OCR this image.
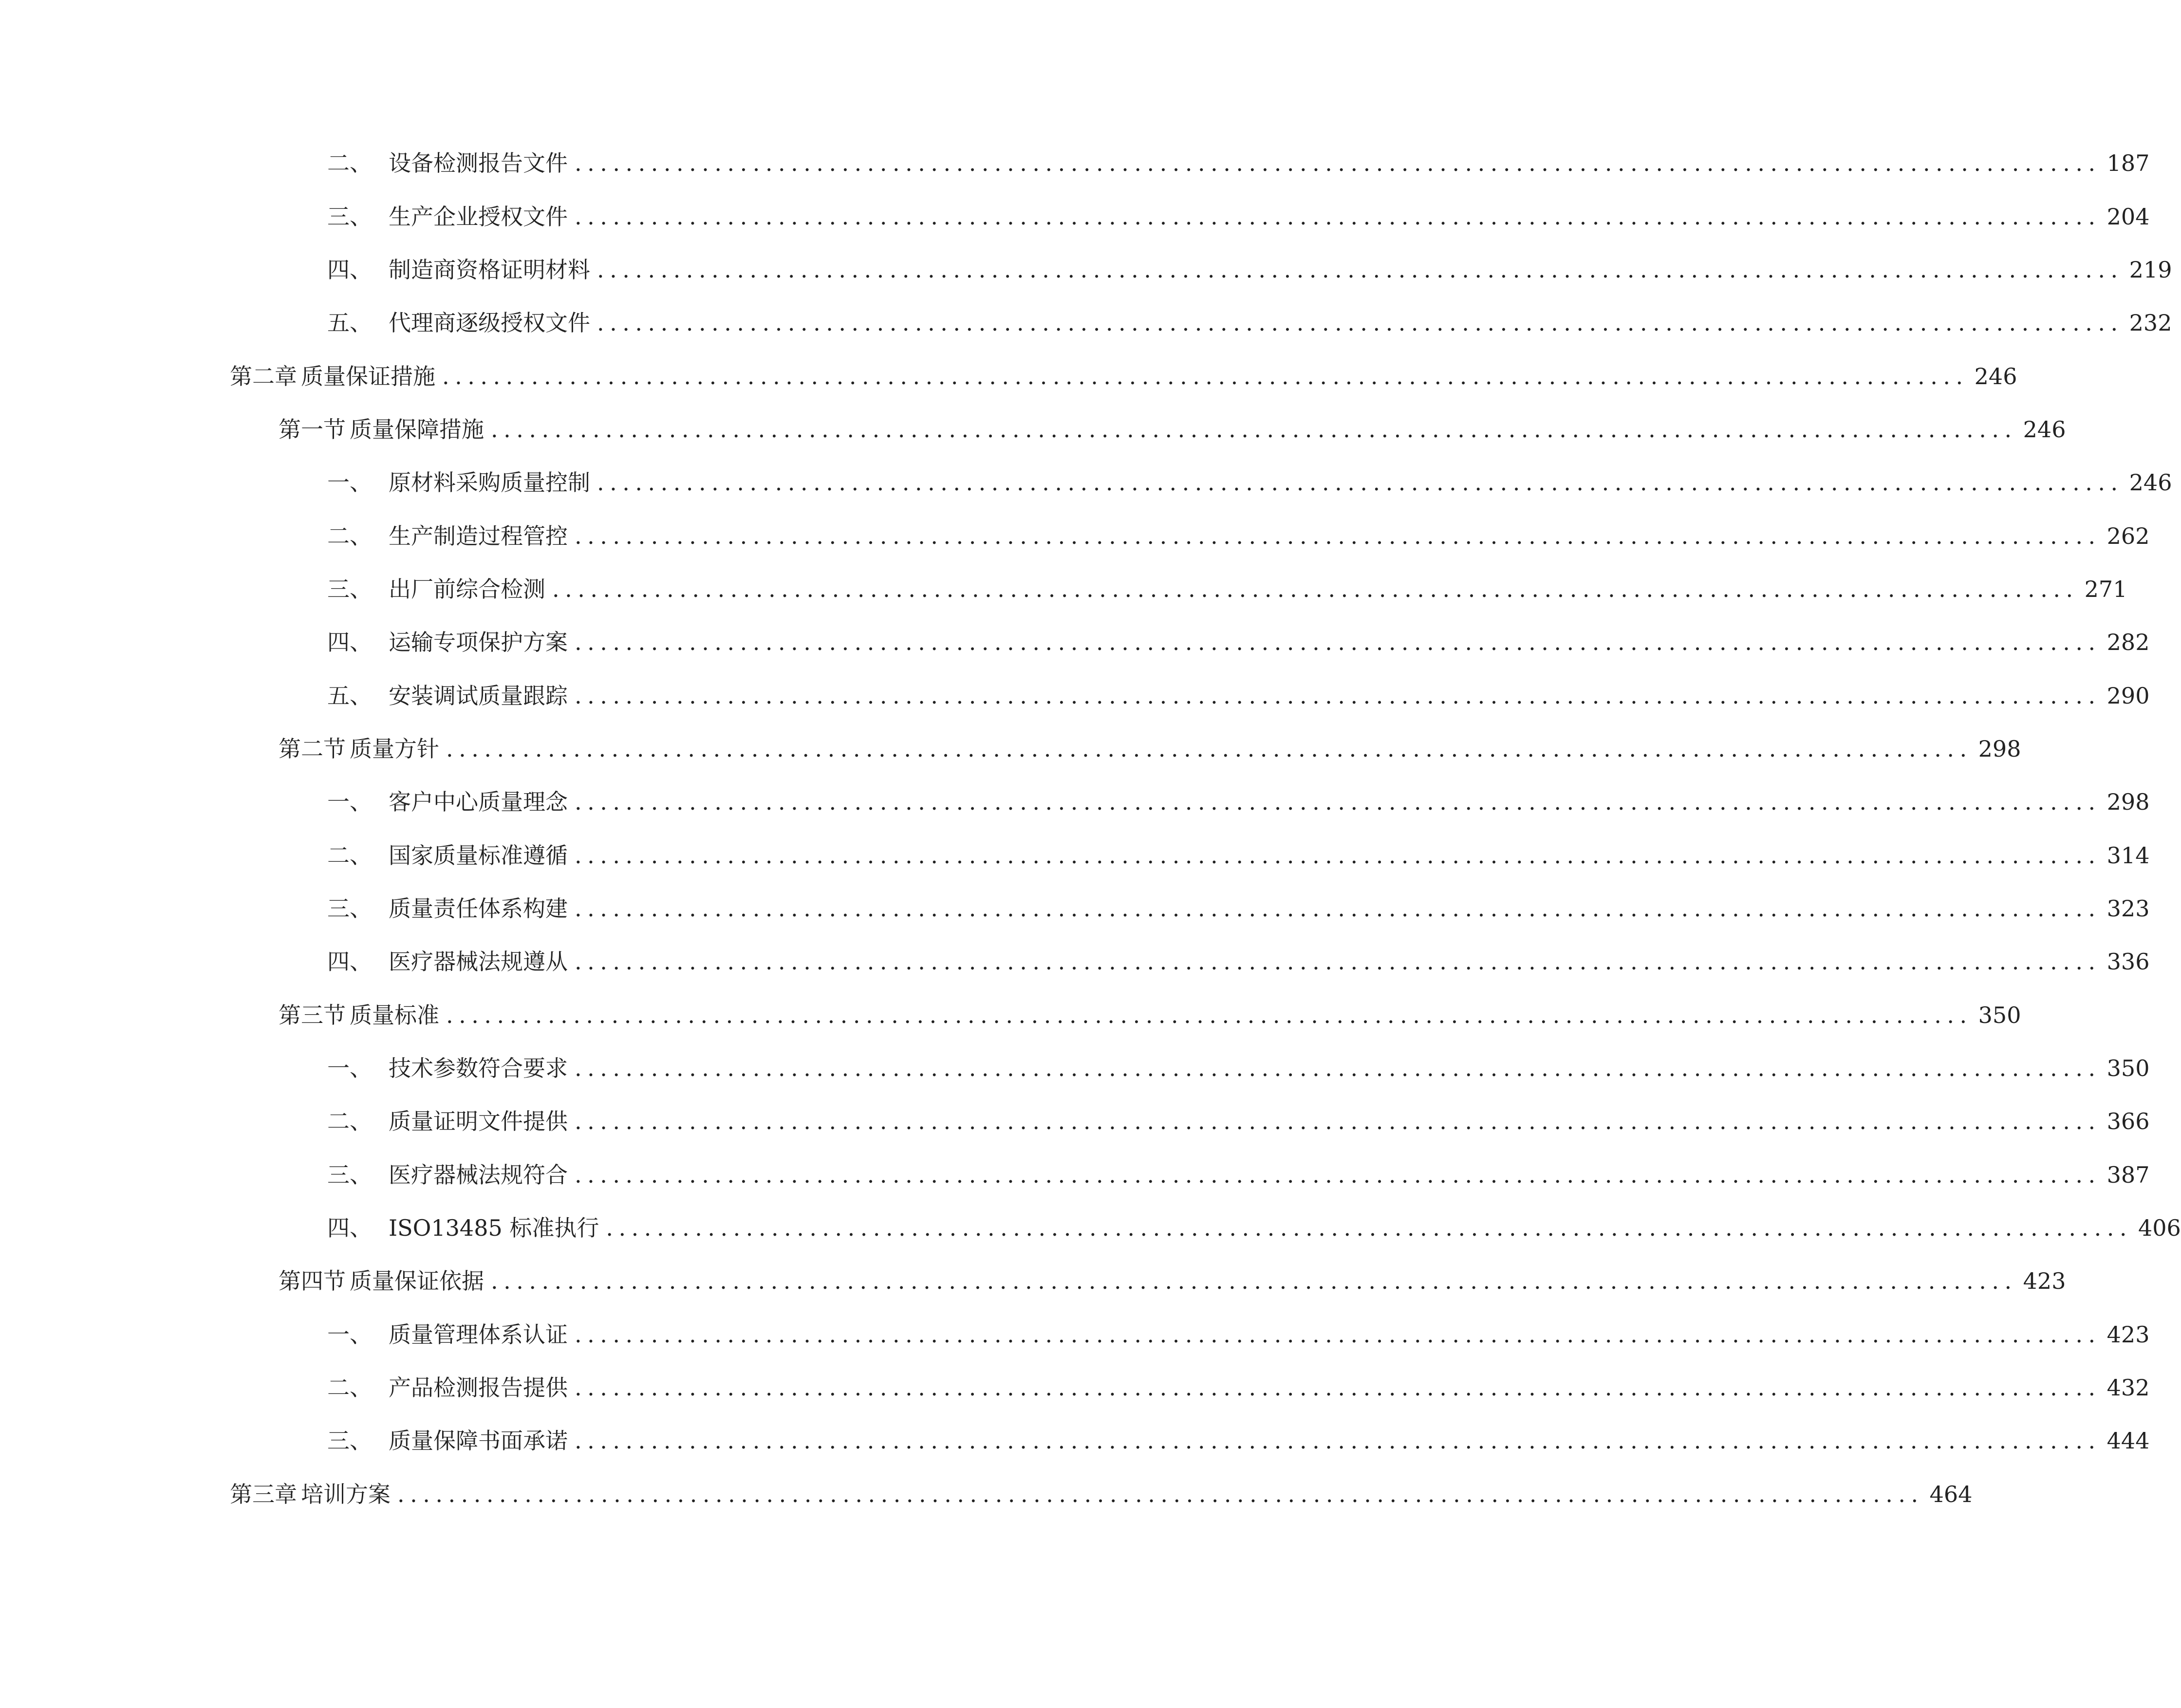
二、 设备检测报告文件 ........................................................................................................................ 187
三、 生产企业授权文件 ........................................................................................................................ 204
四、 制造商资格证明材料 ........................................................................................................................ 219
五、 代理商逐级授权文件 ........................................................................................................................ 232
第二章 质量保证措施 ........................................................................................................................ 246
第一节 质量保障措施 ........................................................................................................................ 246
一、 原材料采购质量控制 ........................................................................................................................ 246
二、 生产制造过程管控 ........................................................................................................................ 262
三、 出厂前综合检测 ........................................................................................................................ 271
四、 运输专项保护方案 ........................................................................................................................ 282
五、 安装调试质量跟踪 ........................................................................................................................ 290
第二节 质量方针 ........................................................................................................................ 298
一、 客户中心质量理念 ........................................................................................................................ 298
二、 国家质量标准遵循 ........................................................................................................................ 314
三、 质量责任体系构建 ........................................................................................................................ 323
四、 医疗器械法规遵从 ........................................................................................................................ 336
第三节 质量标准 ........................................................................................................................ 350
一、 技术参数符合要求 ........................................................................................................................ 350
二、 质量证明文件提供 ........................................................................................................................ 366
三、 医疗器械法规符合 ........................................................................................................................ 387
四、 ISO13485 标准执行 ........................................................................................................................ 406
第四节 质量保证依据 ........................................................................................................................ 423
一、 质量管理体系认证 ........................................................................................................................ 423
二、 产品检测报告提供 ........................................................................................................................ 432
三、 质量保障书面承诺 ........................................................................................................................ 444
第三章 培训方案 ........................................................................................................................ 464
